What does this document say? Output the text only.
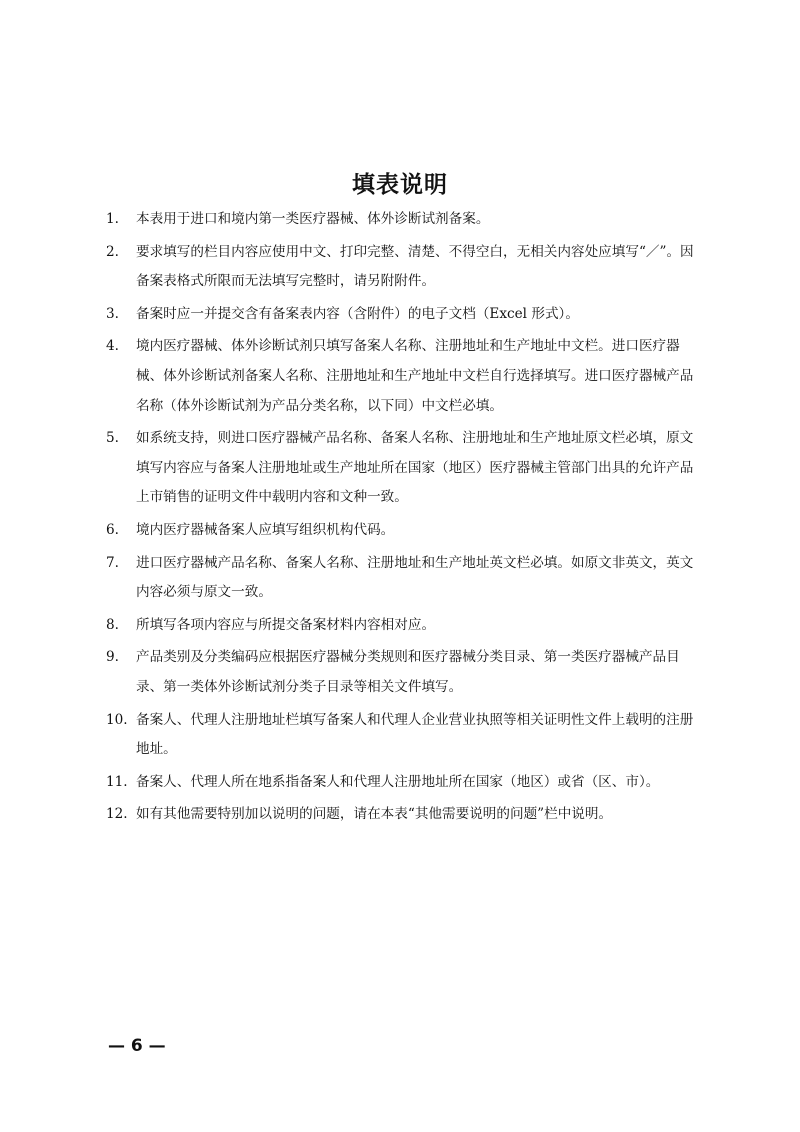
填表说明
1. 本表用于进口和境内第一类医疗器械、体外诊断试剂备案。
2. 要求填写的栏目内容应使用中文、打印完整、清楚、不得空白，无相关内容处应填写“／”。因备案表格式所限而无法填写完整时，请另附附件。
3. 备案时应一并提交含有备案表内容（含附件）的电子文档（Excel 形式）。
4. 境内医疗器械、体外诊断试剂只填写备案人名称、注册地址和生产地址中文栏。进口医疗器械、体外诊断试剂备案人名称、注册地址和生产地址中文栏自行选择填写。进口医疗器械产品名称（体外诊断试剂为产品分类名称，以下同）中文栏必填。
5. 如系统支持，则进口医疗器械产品名称、备案人名称、注册地址和生产地址原文栏必填，原文填写内容应与备案人注册地址或生产地址所在国家（地区）医疗器械主管部门出具的允许产品上市销售的证明文件中载明内容和文种一致。
6. 境内医疗器械备案人应填写组织机构代码。
7. 进口医疗器械产品名称、备案人名称、注册地址和生产地址英文栏必填。如原文非英文，英文内容必须与原文一致。
8. 所填写各项内容应与所提交备案材料内容相对应。
9. 产品类别及分类编码应根据医疗器械分类规则和医疗器械分类目录、第一类医疗器械产品目录、第一类体外诊断试剂分类子目录等相关文件填写。
10. 备案人、代理人注册地址栏填写备案人和代理人企业营业执照等相关证明性文件上载明的注册地址。
11. 备案人、代理人所在地系指备案人和代理人注册地址所在国家（地区）或省（区、市）。
12. 如有其他需要特别加以说明的问题，请在本表“其他需要说明的问题”栏中说明。
— 6 —
